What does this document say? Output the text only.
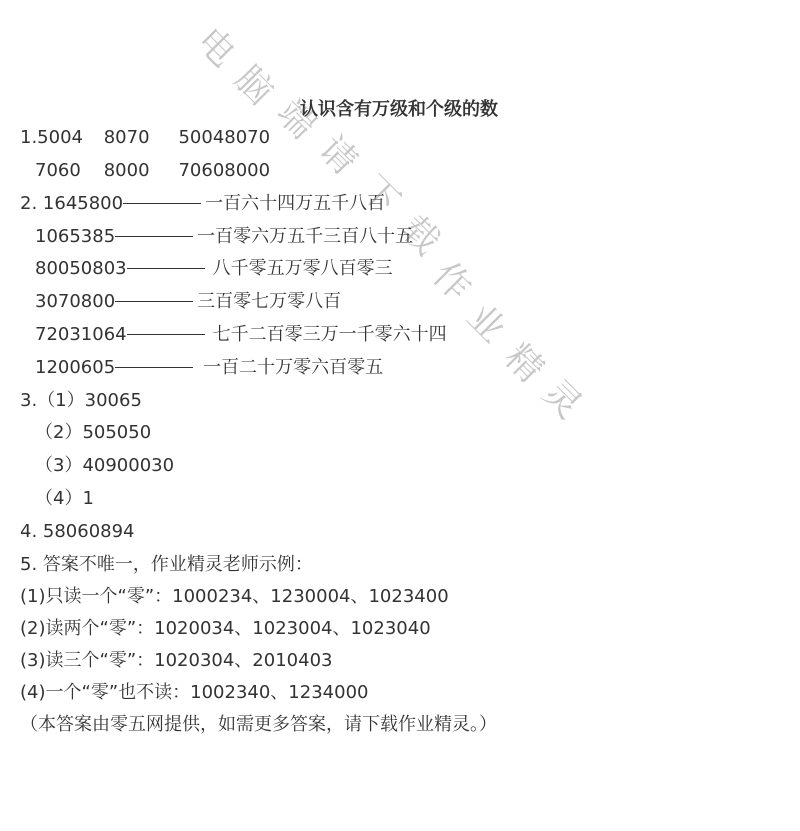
电
脑
端
请
下
载
作
业
精
灵
认识含有万级和个级的数
1.5004 8070 50048070
7060 8000 70608000
2. 1645800	一百六十四万五千八百
1065385	一百零六万五千三百八十五
80050803	八千零五万零八百零三
3070800	三百零七万零八百
72031064	七千二百零三万一千零六十四
1200605	一百二十万零六百零五
3.（1）30065
（2）505050
（3）40900030
（4）1
4. 58060894
5. 答案不唯一，作业精灵老师示例：
(1)只读一个“零”：1000234、1230004、1023400
(2)读两个“零”：1020034、1023004、1023040
(3)读三个“零”：1020304、2010403
(4)一个“零”也不读：1002340、1234000
（本答案由零五网提供，如需更多答案，请下载作业精灵。）
